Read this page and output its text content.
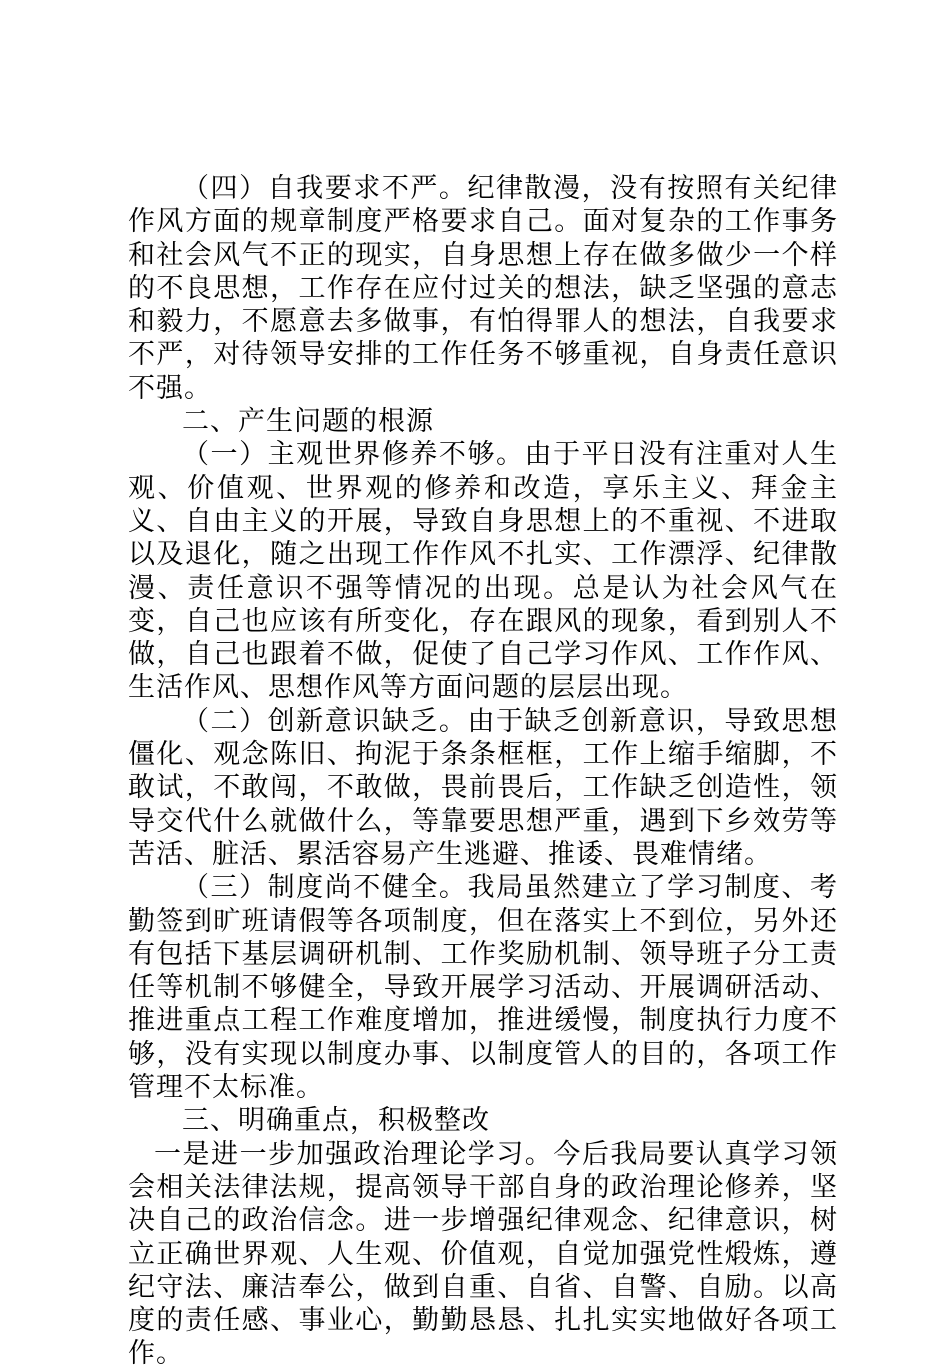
（四）自我要求不严。纪律散漫，没有按照有关纪律作风方面的规章制度严格要求自己。面对复杂的工作事务和社会风气不正的现实，自身思想上存在做多做少一个样的不良思想，工作存在应付过关的想法，缺乏坚强的意志和毅力，不愿意去多做事，有怕得罪人的想法，自我要求不严，对待领导安排的工作任务不够重视，自身责任意识不强。

二、产生问题的根源

（一）主观世界修养不够。由于平日没有注重对人生观、价值观、世界观的修养和改造，享乐主义、拜金主义、自由主义的开展，导致自身思想上的不重视、不进取以及退化，随之出现工作作风不扎实、工作漂浮、纪律散漫、责任意识不强等情况的出现。总是认为社会风气在变，自己也应该有所变化，存在跟风的现象，看到别人不做，自己也跟着不做，促使了自己学习作风、工作作风、生活作风、思想作风等方面问题的层层出现。

（二）创新意识缺乏。由于缺乏创新意识，导致思想僵化、观念陈旧、拘泥于条条框框，工作上缩手缩脚，不敢试，不敢闯，不敢做，畏前畏后，工作缺乏创造性，领导交代什么就做什么，等靠要思想严重，遇到下乡效劳等苦活、脏活、累活容易产生逃避、推诿、畏难情绪。

（三）制度尚不健全。我局虽然建立了学习制度、考勤签到旷班请假等各项制度，但在落实上不到位，另外还有包括下基层调研机制、工作奖励机制、领导班子分工责任等机制不够健全，导致开展学习活动、开展调研活动、推进重点工程工作难度增加，推进缓慢，制度执行力度不够，没有实现以制度办事、以制度管人的目的，各项工作管理不太标准。

三、明确重点，积极整改

一是进一步加强政治理论学习。今后我局要认真学习领会相关法律法规，提高领导干部自身的政治理论修养，坚决自己的政治信念。进一步增强纪律观念、纪律意识，树立正确世界观、人生观、价值观，自觉加强党性煅炼，遵纪守法、廉洁奉公，做到自重、自省、自警、自励。以高度的责任感、事业心，勤勤恳恳、扎扎实实地做好各项工作。
